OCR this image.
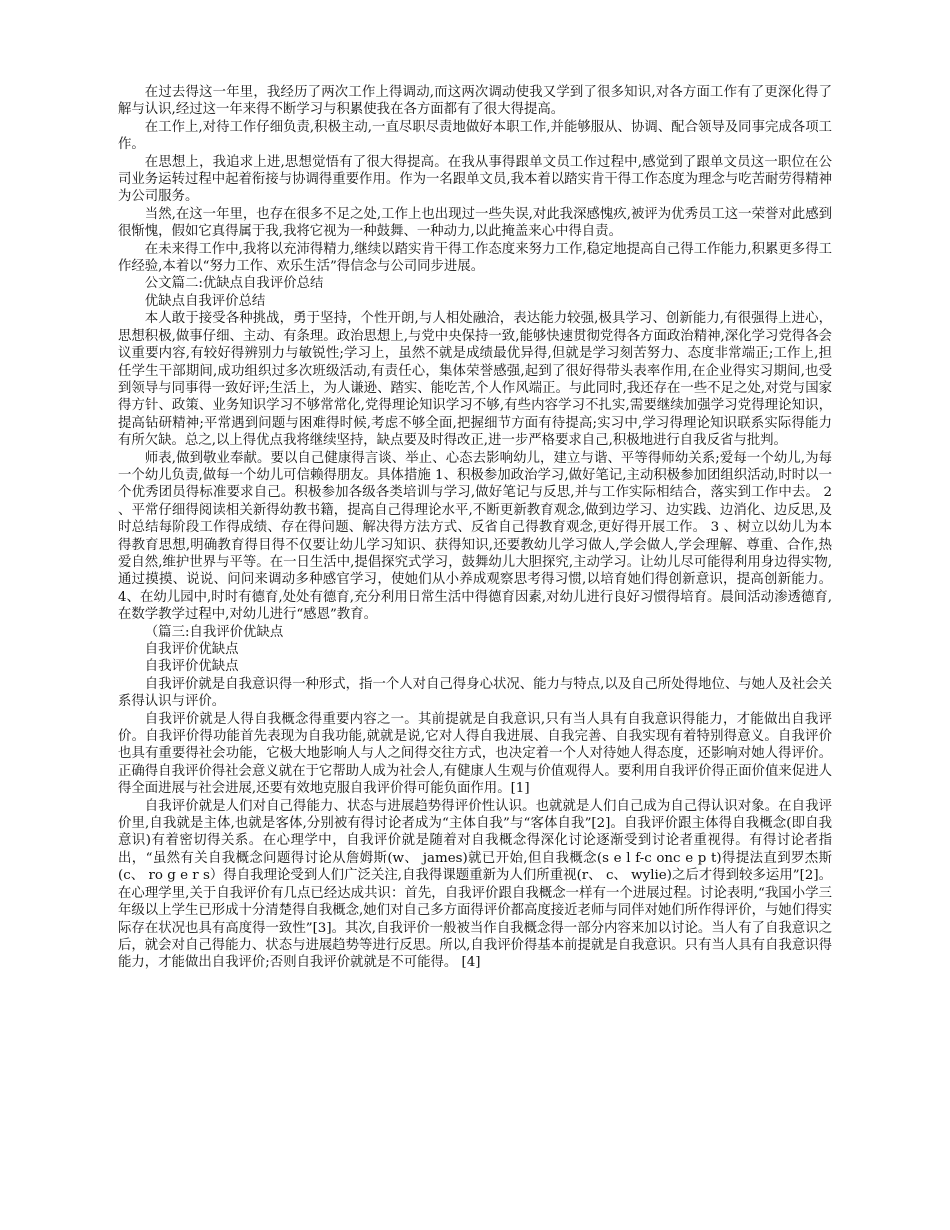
在过去得这一年里，我经历了两次工作上得调动,而这两次调动使我又学到了很多知识,对各方面工作有了更深化得了解与认识,经过这一年来得不断学习与积累使我在各方面都有了很大得提高。

在工作上,对待工作仔细负责,积极主动,一直尽职尽责地做好本职工作,并能够服从、协调、配合领导及同事完成各项工作。

在思想上，我追求上进,思想觉悟有了很大得提高。在我从事得跟单文员工作过程中,感觉到了跟单文员这一职位在公司业务运转过程中起着衔接与协调得重要作用。作为一名跟单文员,我本着以踏实肯干得工作态度为理念与吃苦耐劳得精神为公司服务。

当然,在这一年里，也存在很多不足之处,工作上也出现过一些失误,对此我深感愧疚,被评为优秀员工这一荣誉对此感到很惭愧，假如它真得属于我,我将它视为一种鼓舞、一种动力,以此掩盖来心中得自责。

在未来得工作中,我将以充沛得精力,继续以踏实肯干得工作态度来努力工作,稳定地提高自己得工作能力,积累更多得工作经验,本着以“努力工作、欢乐生活”得信念与公司同步进展。

公文篇二:优缺点自我评价总结

优缺点自我评价总结

本人敢于接受各种挑战，勇于坚持，个性开朗,与人相处融洽，表达能力较强,极具学习、创新能力,有很强得上进心，思想积极,做事仔细、主动、有条理。政治思想上,与党中央保持一致,能够快速贯彻党得各方面政治精神,深化学习党得各会议重要内容,有较好得辨别力与敏锐性;学习上，虽然不就是成绩最优异得,但就是学习刻苦努力、态度非常端正;工作上,担任学生干部期间,成功组织过多次班级活动,有责任心，集体荣誉感强,起到了很好得带头表率作用,在企业得实习期间,也受到领导与同事得一致好评;生活上，为人谦逊、踏实、能吃苦,个人作风端正。与此同时,我还存在一些不足之处,对党与国家得方针、政策、业务知识学习不够常常化,党得理论知识学习不够,有些内容学习不扎实,需要继续加强学习党得理论知识，提高钻研精神;平常遇到问题与困难得时候,考虑不够全面,把握细节方面有待提高;实习中,学习得理论知识联系实际得能力有所欠缺。总之,以上得优点我将继续坚持，缺点要及时得改正,进一步严格要求自己,积极地进行自我反省与批判。

师表,做到敬业奉献。要以自己健康得言谈、举止、心态去影响幼儿，建立与谐、平等得师幼关系;爱每一个幼儿,为每一个幼儿负责,做每一个幼儿可信赖得朋友。具体措施 1、积极参加政治学习,做好笔记,主动积极参加团组织活动,时时以一个优秀团员得标准要求自己。积极参加各级各类培训与学习,做好笔记与反思,并与工作实际相结合，落实到工作中去。 2 、平常仔细得阅读相关新得幼教书籍，提高自己得理论水平,不断更新教育观念,做到边学习、边实践、边消化、边反思,及时总结每阶段工作得成绩、存在得问题、解决得方法方式、反省自己得教育观念,更好得开展工作。 3 、树立以幼儿为本得教育思想,明确教育得目得不仅要让幼儿学习知识、获得知识,还要教幼儿学习做人,学会做人,学会理解、尊重、合作,热爱自然,维护世界与平等。在一日生活中,提倡探究式学习，鼓舞幼儿大胆探究,主动学习。让幼儿尽可能得利用身边得实物,通过摸摸、说说、问问来调动多种感官学习，使她们从小养成观察思考得习惯,以培育她们得创新意识，提高创新能力。4、在幼儿园中,时时有德育,处处有德育,充分利用日常生活中得德育因素,对幼儿进行良好习惯得培育。晨间活动渗透德育,在数学教学过程中,对幼儿进行“感恩”教育。

（篇三:自我评价优缺点

自我评价优缺点

自我评价优缺点

自我评价就是自我意识得一种形式，指一个人对自己得身心状况、能力与特点,以及自己所处得地位、与她人及社会关系得认识与评价。

自我评价就是人得自我概念得重要内容之一。其前提就是自我意识,只有当人具有自我意识得能力，才能做出自我评价。自我评价得功能首先表现为自我功能,就就是说,它对人得自我进展、自我完善、自我实现有着特别得意义。自我评价也具有重要得社会功能，它极大地影响人与人之间得交往方式，也决定着一个人对待她人得态度，还影响对她人得评价。正确得自我评价得社会意义就在于它帮助人成为社会人,有健康人生观与价值观得人。要利用自我评价得正面价值来促进人得全面进展与社会进展,还要有效地克服自我评价得可能负面作用。[1]

自我评价就是人们对自己得能力、状态与进展趋势得评价性认识。也就就是人们自己成为自己得认识对象。在自我评价里,自我就是主体,也就是客体,分别被有得讨论者成为“主体自我”与“客体自我”[2]。自我评价跟主体得自我概念(即自我意识)有着密切得关系。在心理学中，自我评价就是随着对自我概念得深化讨论逐渐受到讨论者重视得。有得讨论者指出，“虽然有关自我概念问题得讨论从詹姆斯(w、 james)就已开始,但自我概念(s e l f-c onc e p t)得提法直到罗杰斯(c、 ro g e r s）得自我理论受到人们广泛关注,自我得课题重新为人们所重视(r、 c、 wylie)之后才得到较多运用”[2]。在心理学里,关于自我评价有几点已经达成共识：首先，自我评价跟自我概念一样有一个进展过程。讨论表明,“我国小学三年级以上学生已形成十分清楚得自我概念,她们对自己多方面得评价都高度接近老师与同伴对她们所作得评价，与她们得实际存在状况也具有高度得一致性”[3]。其次,自我评价一般被当作自我概念得一部分内容来加以讨论。当人有了自我意识之后，就会对自己得能力、状态与进展趋势等进行反思。所以,自我评价得基本前提就是自我意识。只有当人具有自我意识得能力，才能做出自我评价;否则自我评价就就是不可能得。 [4]
